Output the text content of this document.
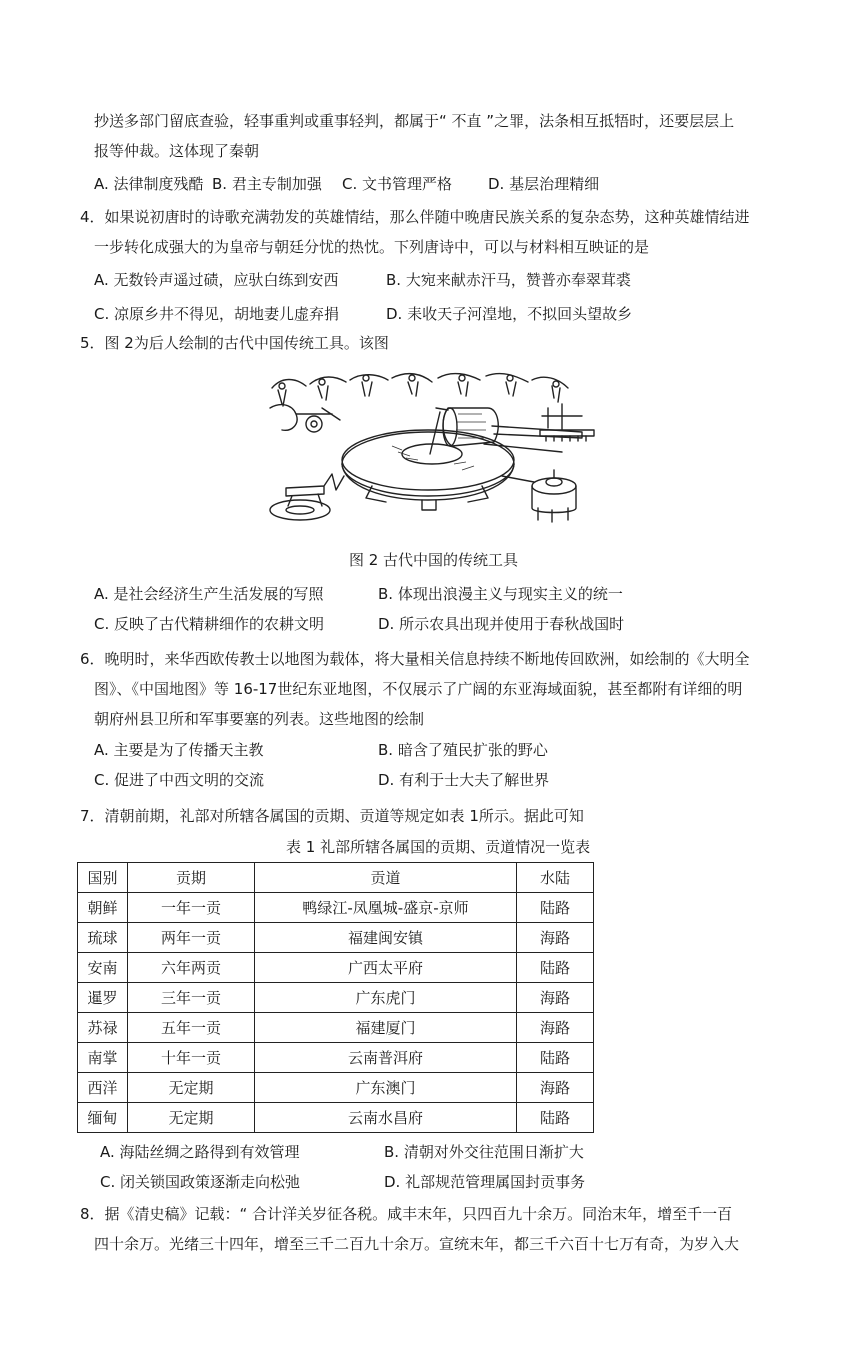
抄送多部门留底查验，轻事重判或重事轻判，都属于“ 不直 ”之罪，法条相互抵牾时，还要层层上
报等仲裁。这体现了秦朝
A. 法律制度残酷 B. 君主专制加强 C. 文书管理严格 D. 基层治理精细
4．如果说初唐时的诗歌充满勃发的英雄情结，那么伴随中晚唐民族关系的复杂态势，这种英雄情结进
一步转化成强大的为皇帝与朝廷分忧的热忱。下列唐诗中，可以与材料相互映证的是
A. 无数铃声遥过碛，应驮白练到安西	B. 大宛来献赤汗马，赞普亦奉翠茸裘
C. 凉原乡井不得见，胡地妻儿虚弃捐	D. 耒收天子河湟地，不拟回头望故乡
5．图 2为后人绘制的古代中国传统工具。该图
图 2 古代中国的传统工具
A. 是社会经济生产生活发展的写照	B. 体现出浪漫主义与现实主义的统一
C. 反映了古代精耕细作的农耕文明	D. 所示农具出现并使用于春秋战国时
6．晚明时，来华西欧传教士以地图为载体，将大量相关信息持续不断地传回欧洲，如绘制的《大明全
图》、《中国地图》等 16-17世纪东亚地图，不仅展示了广阔的东亚海域面貌，甚至都附有详细的明
朝府州县卫所和军事要塞的列表。这些地图的绘制
A. 主要是为了传播天主教	B. 暗含了殖民扩张的野心
C. 促进了中西文明的交流	D. 有利于士大夫了解世界
7．清朝前期，礼部对所辖各属国的贡期、贡道等规定如表 1所示。据此可知
表 1 礼部所辖各属国的贡期、贡道情况一览表
国别	贡期	贡道	水陆
朝鲜	一年一贡	鸭绿江-凤凰城-盛京-京师	陆路
琉球	两年一贡	福建闽安镇	海路
安南	六年两贡	广西太平府	陆路
暹罗	三年一贡	广东虎门	海路
苏禄	五年一贡	福建厦门	海路
南掌	十年一贡	云南普洱府	陆路
西洋	无定期	广东澳门	海路
缅甸	无定期	云南水昌府	陆路
A. 海陆丝绸之路得到有效管理	B. 清朝对外交往范围日渐扩大
C. 闭关锁国政策逐渐走向松弛	D. 礼部规范管理属国封贡事务
8．据《清史稿》记载：“ 合计洋关岁征各税。咸丰末年，只四百九十余万。同治末年，增至千一百
四十余万。光绪三十四年，增至三千二百九十余万。宣统末年，都三千六百十七万有奇，为岁入大
